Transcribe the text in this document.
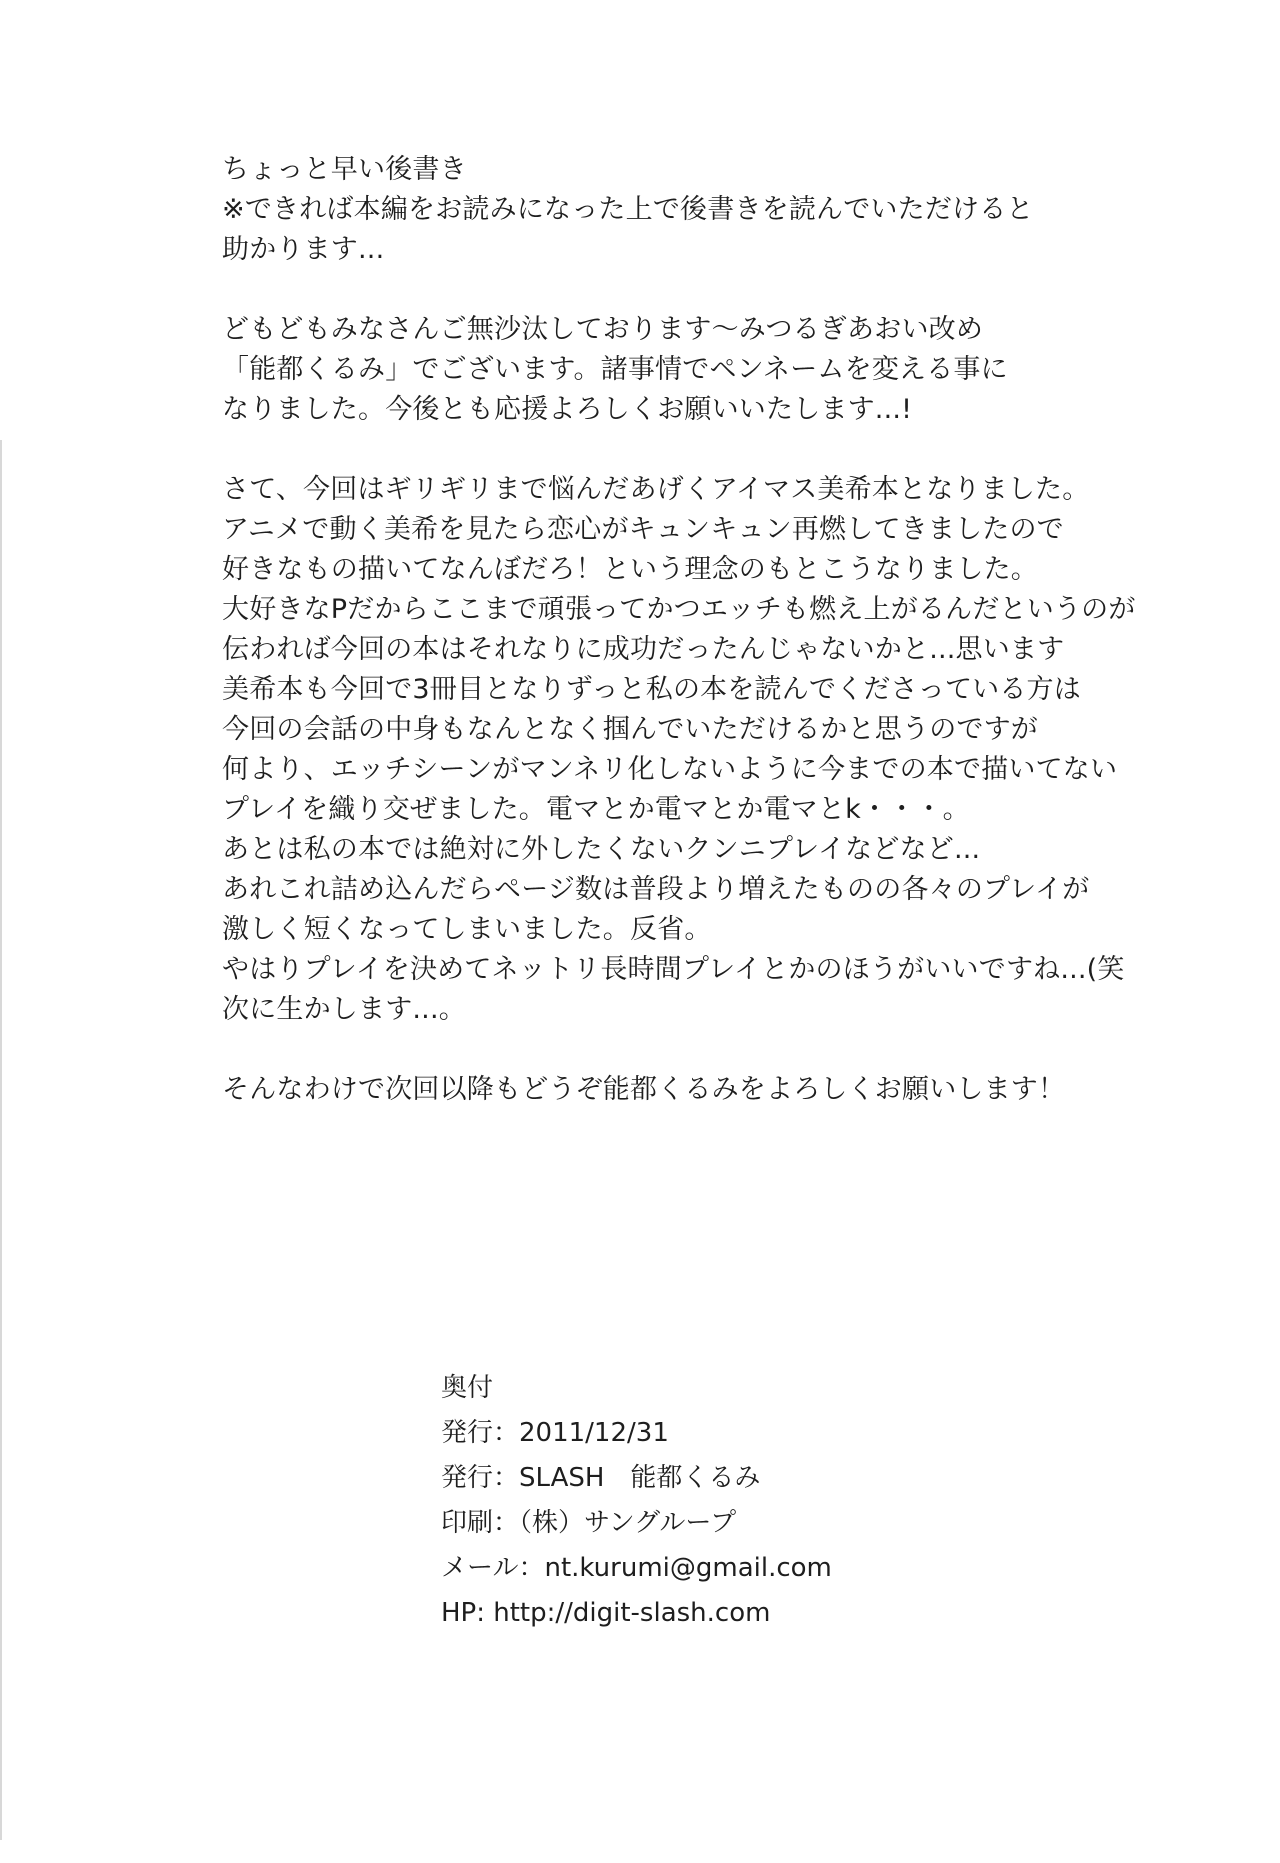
ちょっと早い後書き
※できれば本編をお読みになった上で後書きを読んでいただけると
助かります...
どもどもみなさんご無沙汰しております〜みつるぎあおい改め
「能都くるみ」でございます。諸事情でペンネームを変える事に
なりました。今後とも応援よろしくお願いいたします...!
さて、今回はギリギリまで悩んだあげくアイマス美希本となりました。
アニメで動く美希を見たら恋心がキュンキュン再燃してきましたので
好きなもの描いてなんぼだろ！という理念のもとこうなりました。
大好きなPだからここまで頑張ってかつエッチも燃え上がるんだというのが
伝われば今回の本はそれなりに成功だったんじゃないかと...思います
美希本も今回で3冊目となりずっと私の本を読んでくださっている方は
今回の会話の中身もなんとなく掴んでいただけるかと思うのですが
何より、エッチシーンがマンネリ化しないように今までの本で描いてない
プレイを織り交ぜました。電マとか電マとか電マとk・・・。
あとは私の本では絶対に外したくないクンニプレイなどなど...
あれこれ詰め込んだらページ数は普段より増えたものの各々のプレイが
激しく短くなってしまいました。反省。
やはりプレイを決めてネットリ長時間プレイとかのほうがいいですね...(笑
次に生かします...。
そんなわけで次回以降もどうぞ能都くるみをよろしくお願いします！
奥付
発行：2011/12/31
発行：SLASH　能都くるみ
印刷：（株）サングループ
メール：nt.kurumi@gmail.com
HP: http://digit-slash.com
